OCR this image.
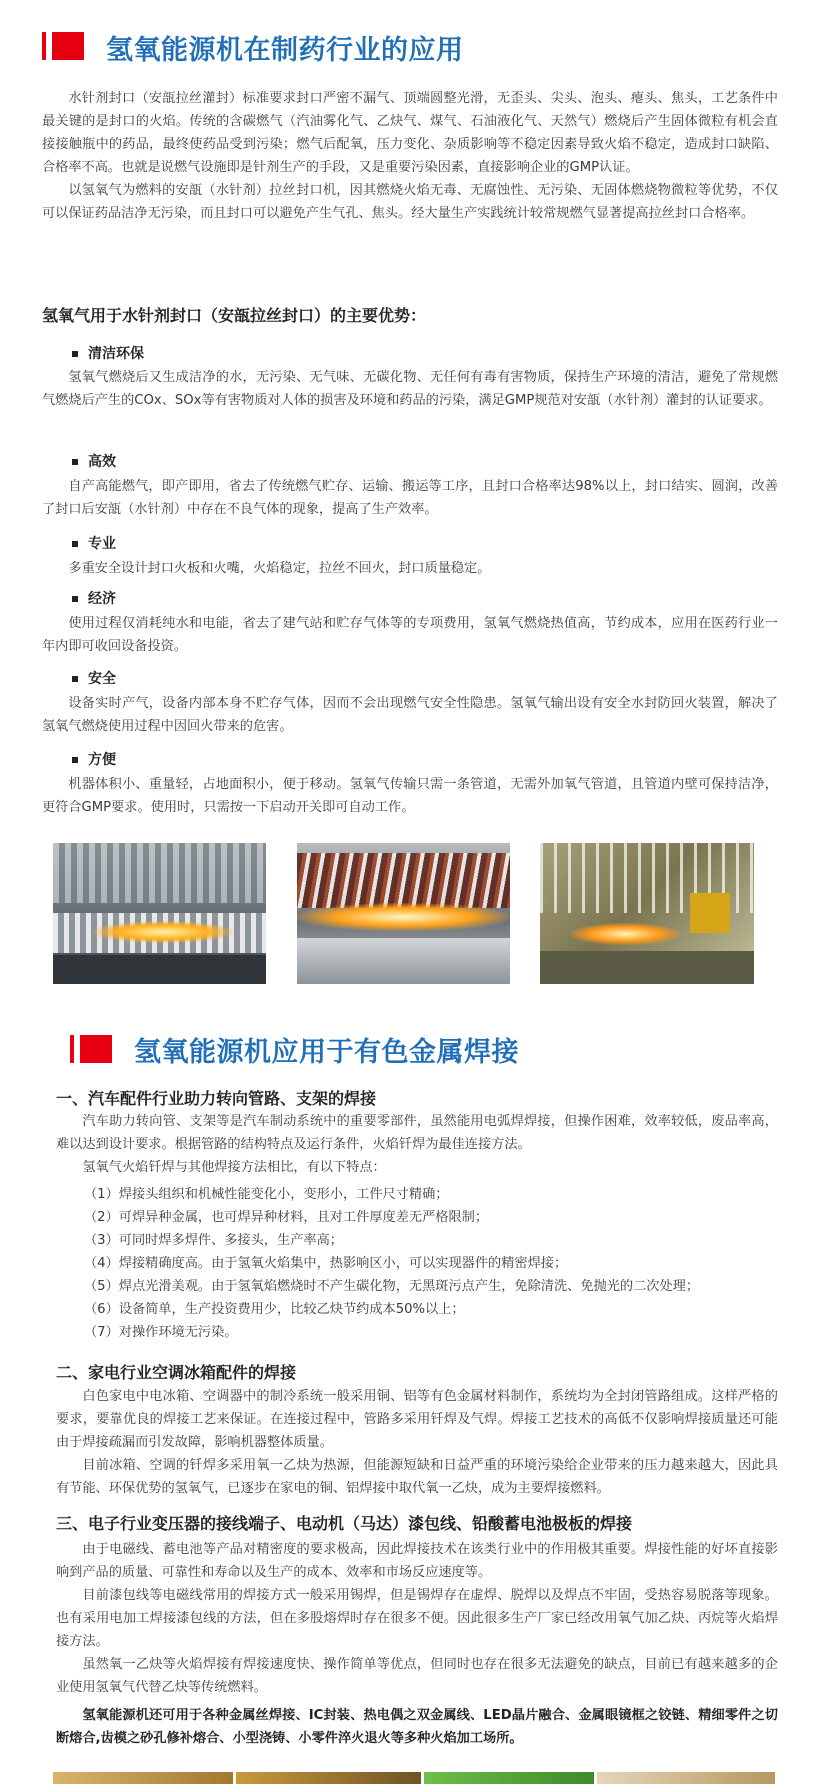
氢氧能源机在制药行业的应用

水针剂封口（安瓿拉丝灌封）标准要求封口严密不漏气、顶端圆整光滑，无歪头、尖头、泡头、瘪头、焦头，工艺条件中最关键的是封口的火焰。传统的含碳燃气（汽油雾化气、乙炔气、煤气、石油液化气、天然气）燃烧后产生固体微粒有机会直接接触瓶中的药品，最终使药品受到污染；燃气后配氧，压力变化、杂质影响等不稳定因素导致火焰不稳定，造成封口缺陷、合格率不高。也就是说燃气设施即是针剂生产的手段，又是重要污染因素，直接影响企业的GMP认证。

以氢氧气为燃料的安瓿（水针剂）拉丝封口机，因其燃烧火焰无毒、无腐蚀性、无污染、无固体燃烧物微粒等优势，不仅可以保证药品洁净无污染，而且封口可以避免产生气孔、焦头。经大量生产实践统计较常规燃气显著提高拉丝封口合格率。

氢氧气用于水针剂封口（安瓿拉丝封口）的主要优势：
清洁环保

氢氧气燃烧后又生成洁净的水，无污染、无气味、无碳化物、无任何有毒有害物质，保持生产环境的清洁，避免了常规燃气燃烧后产生的COx、SOx等有害物质对人体的损害及环境和药品的污染，满足GMP规范对安瓿（水针剂）灌封的认证要求。

高效

自产高能燃气，即产即用，省去了传统燃气贮存、运输、搬运等工序，且封口合格率达98%以上，封口结实、圆润，改善了封口后安瓿（水针剂）中存在不良气体的现象，提高了生产效率。

专业

多重安全设计封口火板和火嘴，火焰稳定，拉丝不回火，封口质量稳定。

经济

使用过程仅消耗纯水和电能，省去了建气站和贮存气体等的专项费用，氢氧气燃烧热值高，节约成本，应用在医药行业一年内即可收回设备投资。

安全

设备实时产气，设备内部本身不贮存气体，因而不会出现燃气安全性隐患。氢氧气输出设有安全水封防回火装置，解决了氢氧气燃烧使用过程中因回火带来的危害。

方便

机器体积小、重量轻，占地面积小，便于移动。氢氧气传输只需一条管道，无需外加氧气管道，且管道内壁可保持洁净，更符合GMP要求。使用时，只需按一下启动开关即可自动工作。

氢氧能源机应用于有色金属焊接
一、汽车配件行业助力转向管路、支架的焊接

汽车助力转向管、支架等是汽车制动系统中的重要零部件，虽然能用电弧焊焊接，但操作困难，效率较低，废品率高，难以达到设计要求。根据管路的结构特点及运行条件，火焰钎焊为最佳连接方法。

氢氧气火焰钎焊与其他焊接方法相比，有以下特点：

（1）焊接头组织和机械性能变化小，变形小，工件尺寸精确；
（2）可焊异种金属，也可焊异种材料，且对工件厚度差无严格限制；
（3）可同时焊多焊件、多接头，生产率高；
（4）焊接精确度高。由于氢氧火焰集中，热影响区小，可以实现器件的精密焊接；
（5）焊点光滑美观。由于氢氧焰燃烧时不产生碳化物，无黑斑污点产生，免除清洗、免抛光的二次处理；
（6）设备简单，生产投资费用少，比较乙炔节约成本50%以上；
（7）对操作环境无污染。
二、家电行业空调冰箱配件的焊接

白色家电中电冰箱、空调器中的制冷系统一般采用铜、铝等有色金属材料制作，系统均为全封闭管路组成。这样严格的要求，要靠优良的焊接工艺来保证。在连接过程中，管路多采用钎焊及气焊。焊接工艺技术的高低不仅影响焊接质量还可能由于焊接疏漏而引发故障，影响机器整体质量。

目前冰箱、空调的钎焊多采用氧一乙炔为热源，但能源短缺和日益严重的环境污染给企业带来的压力越来越大，因此具有节能、环保优势的氢氧气，已逐步在家电的铜、铝焊接中取代氧一乙炔，成为主要焊接燃料。

三、电子行业变压器的接线端子、电动机（马达）漆包线、铅酸蓄电池极板的焊接

由于电磁线、蓄电池等产品对精密度的要求极高，因此焊接技术在该类行业中的作用极其重要。焊接性能的好坏直接影响到产品的质量、可靠性和寿命以及生产的成本、效率和市场反应速度等。

目前漆包线等电磁线常用的焊接方式一般采用锡焊，但是锡焊存在虚焊、脱焊以及焊点不牢固，受热容易脱落等现象。也有采用电加工焊接漆包线的方法，但在多股熔焊时存在很多不便。因此很多生产厂家已经改用氧气加乙炔、丙烷等火焰焊接方法。

虽然氧一乙炔等火焰焊接有焊接速度快、操作简单等优点，但同时也存在很多无法避免的缺点，目前已有越来越多的企业使用氢氧气代替乙炔等传统燃料。

氢氧能源机还可用于各种金属丝焊接、IC封装、热电偶之双金属线、LED晶片融合、金属眼镜框之铰链、精细零件之切断熔合,齿模之砂孔修补熔合、小型浇铸、小零件淬火退火等多种火焰加工场所。
